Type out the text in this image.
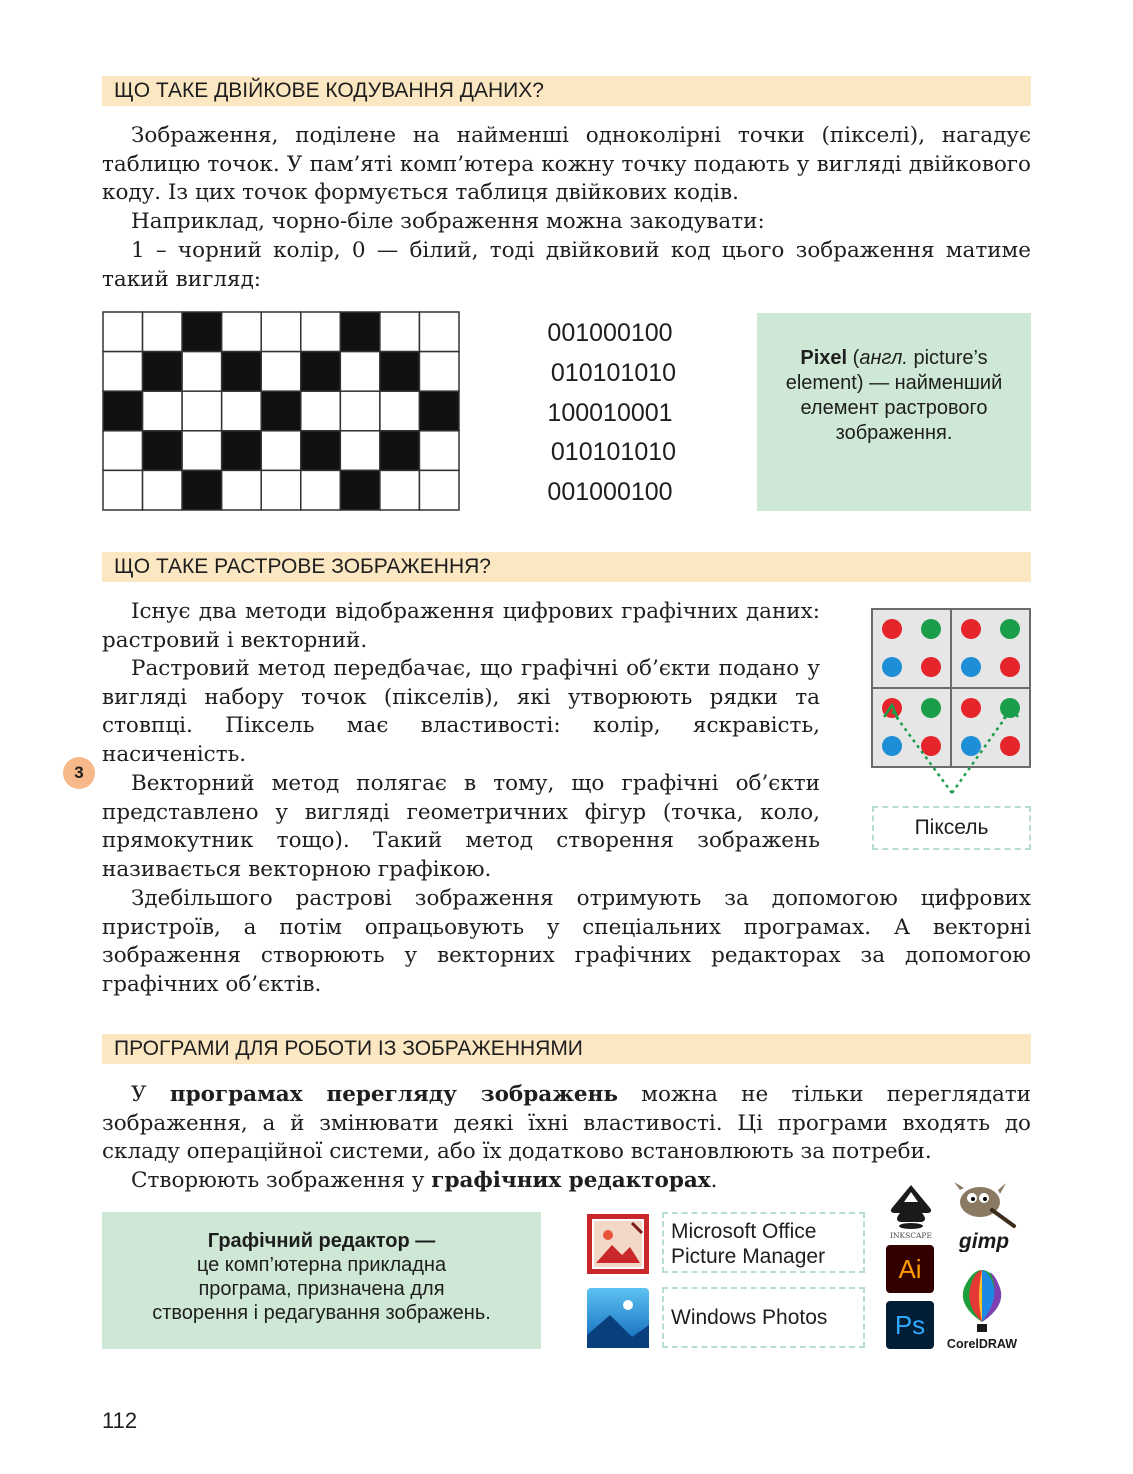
ЩО ТАКЕ ДВІЙКОВЕ КОДУВАННЯ ДАНИХ?

Зображення, поділене на найменші одноколірні точки (пікселі), нагадує таблицю точок. У пам’яті комп’ютера кожну точку подають у вигляді двійкового коду. Із цих точок формується таблиця двійкових кодів.

Наприклад, чорно-біле зображення можна закодувати:

1 – чорний колір, 0 — білий, тоді двійковий код цього зображення матиме такий вигляд:

001000100
010101010
100010001
010101010
001000100
Pixel (англ. picture’s element) — найменший елемент растрового зображення.
ЩО ТАКЕ РАСТРОВЕ ЗОБРАЖЕННЯ?

Існує два методи відображення цифрових графічних даних: растровий і векторний.

Растровий метод передбачає, що графічні об’єкти подано у вигляді набору точок (пікселів), які утворюють рядки та стовпці. Піксель має властивості: колір, яскравість, насиченість.

Векторний метод полягає в тому, що графічні об’єкти представлено у вигляді геометричних фігур (точка, коло, прямокутник тощо). Такий метод створення зображень називається векторною графікою.

Здебільшого растрові зображення отримують за допомогою цифрових пристроїв, а потім опрацьовують у спеціальних програмах. А векторні зображення створюють у векторних графічних редакторах за допомогою графічних об’єктів.

3
Піксель
ПРОГРАМИ ДЛЯ РОБОТИ ІЗ ЗОБРАЖЕННЯМИ

У програмах перегляду зображень можна не тільки переглядати зображення, а й змінювати деякі їхні властивості. Ці програми входять до складу операційної системи, або їх додатково встановлюють за потреби.

Створюють зображення у графічних редакторах.

Графічний редактор —
це комп’ютерна прикладна програма, призначена для створення і редагування зображень.
Microsoft Office
Picture Manager
Windows Photos
INKSCAPE gimp
Ai
Ps
CorelDRAW
112
